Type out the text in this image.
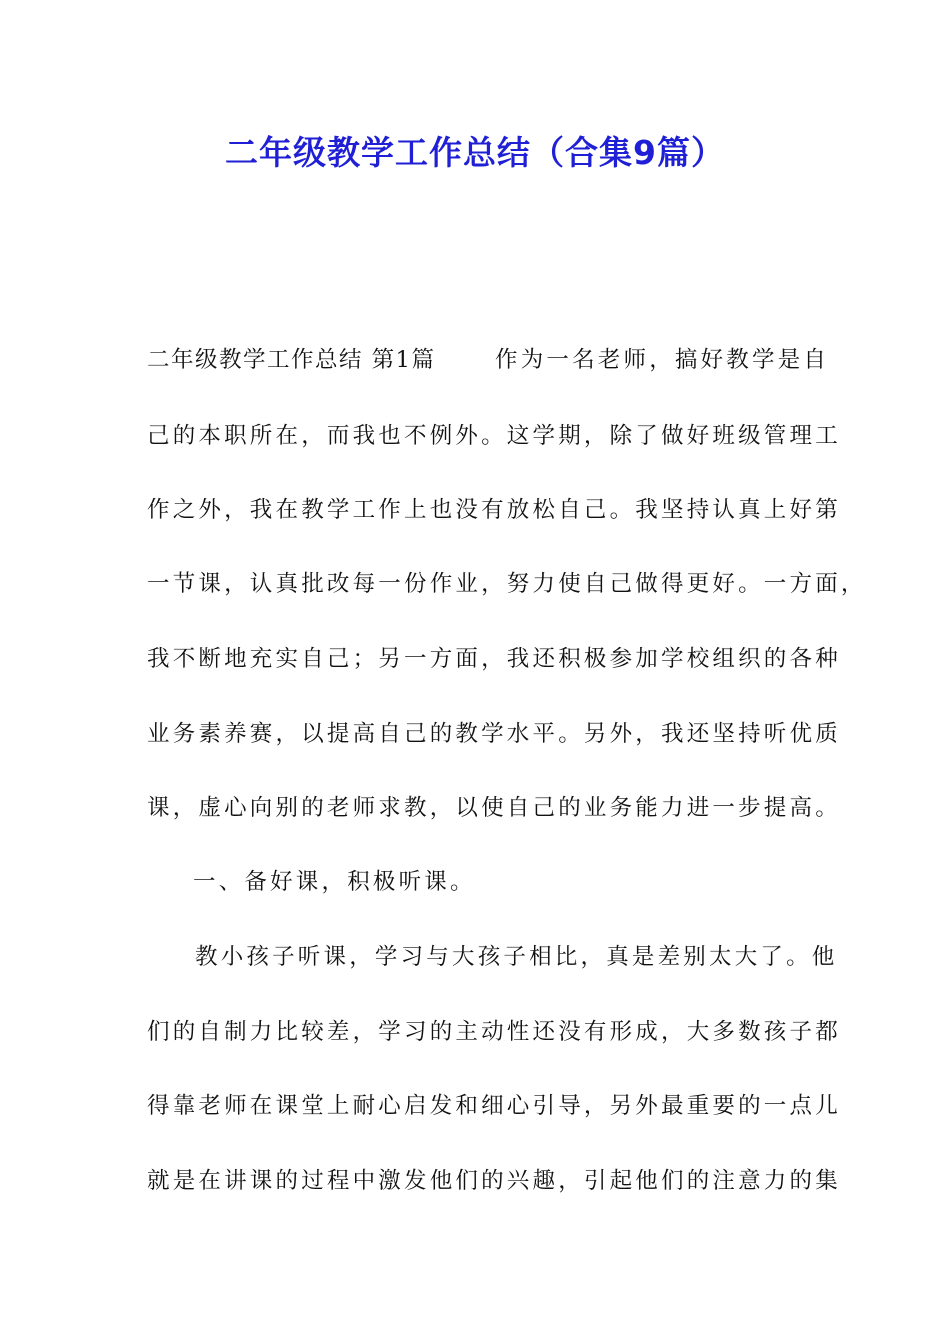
二年级教学工作总结（合集9篇）
二年级教学工作总结 第1篇	作为一名老师，搞好教学是自
己的本职所在，而我也不例外。这学期，除了做好班级管理工
作之外，我在教学工作上也没有放松自己。我坚持认真上好第
一节课，认真批改每一份作业，努力使自己做得更好。一方面，
我不断地充实自己；另一方面，我还积极参加学校组织的各种
业务素养赛，以提高自己的教学水平。另外，我还坚持听优质
课，虚心向别的老师求教，以使自己的业务能力进一步提高。
一、备好课，积极听课。
教小孩子听课，学习与大孩子相比，真是差别太大了。他
们的自制力比较差，学习的主动性还没有形成，大多数孩子都
得靠老师在课堂上耐心启发和细心引导，另外最重要的一点儿
就是在讲课的过程中激发他们的兴趣，引起他们的注意力的集
